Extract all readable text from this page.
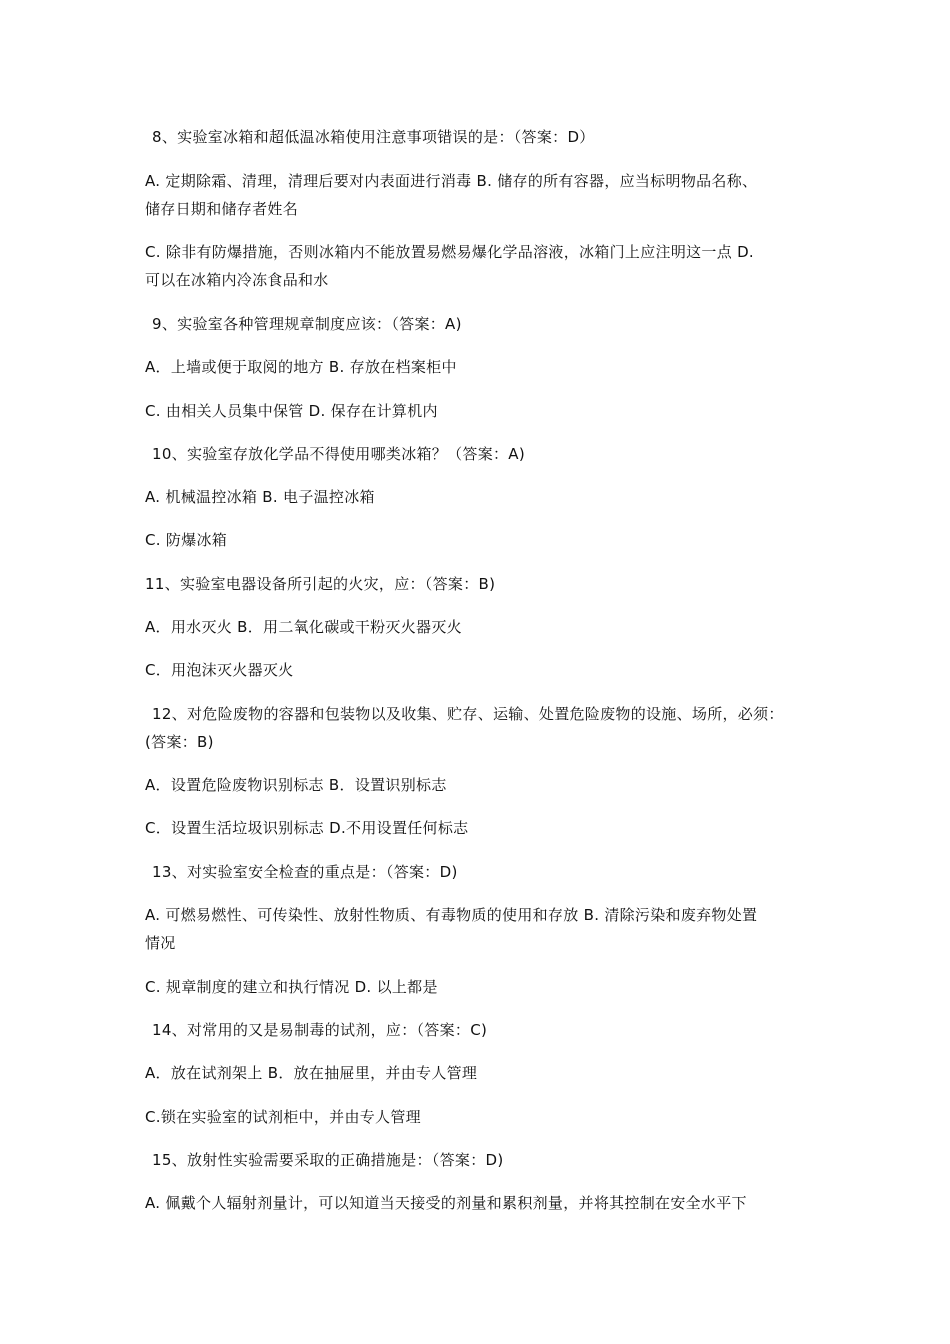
8、实验室冰箱和超低温冰箱使用注意事项错误的是：（答案：D）
A. 定期除霜、清理，清理后要对内表面进行消毒 B. 储存的所有容器，应当标明物品名称、
储存日期和储存者姓名
C. 除非有防爆措施，否则冰箱内不能放置易燃易爆化学品溶液，冰箱门上应注明这一点 D.
可以在冰箱内冷冻食品和水
9、实验室各种管理规章制度应该：（答案：A)
A．上墙或便于取阅的地方 B. 存放在档案柜中
C. 由相关人员集中保管 D. 保存在计算机内
10、实验室存放化学品不得使用哪类冰箱？（答案：A)
A. 机械温控冰箱 B. 电子温控冰箱
C. 防爆冰箱
11、实验室电器设备所引起的火灾，应：（答案：B)
A．用水灭火 B．用二氧化碳或干粉灭火器灭火
C．用泡沫灭火器灭火
12、对危险废物的容器和包装物以及收集、贮存、运输、处置危险废物的设施、场所，必须：
(答案：B)
A．设置危险废物识别标志 B．设置识别标志
C．设置生活垃圾识别标志 D.不用设置任何标志
13、对实验室安全检查的重点是：（答案：D)
A. 可燃易燃性、可传染性、放射性物质、有毒物质的使用和存放 B. 清除污染和废弃物处置
情况
C. 规章制度的建立和执行情况 D. 以上都是
14、对常用的又是易制毒的试剂，应：（答案：C)
A．放在试剂架上 B．放在抽屉里，并由专人管理
C.锁在实验室的试剂柜中，并由专人管理
15、放射性实验需要采取的正确措施是：（答案：D)
A. 佩戴个人辐射剂量计，可以知道当天接受的剂量和累积剂量，并将其控制在安全水平下
